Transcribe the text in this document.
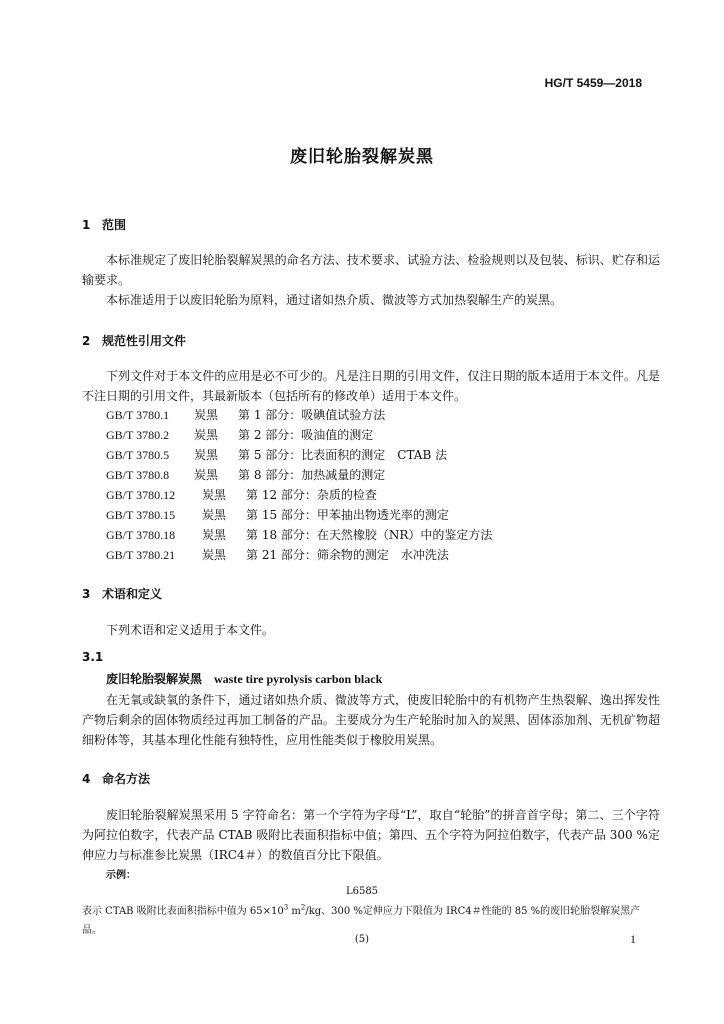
HG/T 5459—2018
废旧轮胎裂解炭黑
1 范围
本标准规定了废旧轮胎裂解炭黑的命名方法、技术要求、试验方法、检验规则以及包装、标识、贮存和运输要求。
本标准适用于以废旧轮胎为原料，通过诸如热介质、微波等方式加热裂解生产的炭黑。
2 规范性引用文件
下列文件对于本文件的应用是必不可少的。凡是注日期的引用文件，仅注日期的版本适用于本文件。凡是不注日期的引用文件，其最新版本（包括所有的修改单）适用于本文件。
GB/T 3780.1 炭黑 第 1 部分：吸碘值试验方法
GB/T 3780.2 炭黑 第 2 部分：吸油值的测定
GB/T 3780.5 炭黑 第 5 部分：比表面积的测定　CTAB 法
GB/T 3780.8 炭黑 第 8 部分：加热减量的测定
GB/T 3780.12 炭黑 第 12 部分：杂质的检查
GB/T 3780.15 炭黑 第 15 部分：甲苯抽出物透光率的测定
GB/T 3780.18 炭黑 第 18 部分：在天然橡胶（NR）中的鉴定方法
GB/T 3780.21 炭黑 第 21 部分：筛余物的测定　水冲洗法
3 术语和定义
下列术语和定义适用于本文件。
3.1
废旧轮胎裂解炭黑 waste tire pyrolysis carbon black
在无氧或缺氧的条件下，通过诸如热介质、微波等方式，使废旧轮胎中的有机物产生热裂解、逸出挥发性产物后剩余的固体物质经过再加工制备的产品。主要成分为生产轮胎时加入的炭黑、固体添加剂、无机矿物超细粉体等，其基本理化性能有独特性，应用性能类似于橡胶用炭黑。
4 命名方法
废旧轮胎裂解炭黑采用 5 字符命名：第一个字符为字母“L”，取自“轮胎”的拼音首字母；第二、三个字符为阿拉伯数字，代表产品 CTAB 吸附比表面积指标中值；第四、五个字符为阿拉伯数字，代表产品 300 %定伸应力与标准参比炭黑（IRC4＃）的数值百分比下限值。
示例：
L6585
表示 CTAB 吸附比表面积指标中值为 $65\times 10^3$ $m^2/kg$、300 %定伸应力下限值为 IRC4＃性能的 85 %的废旧轮胎裂解炭黑产品。
(5)	1
